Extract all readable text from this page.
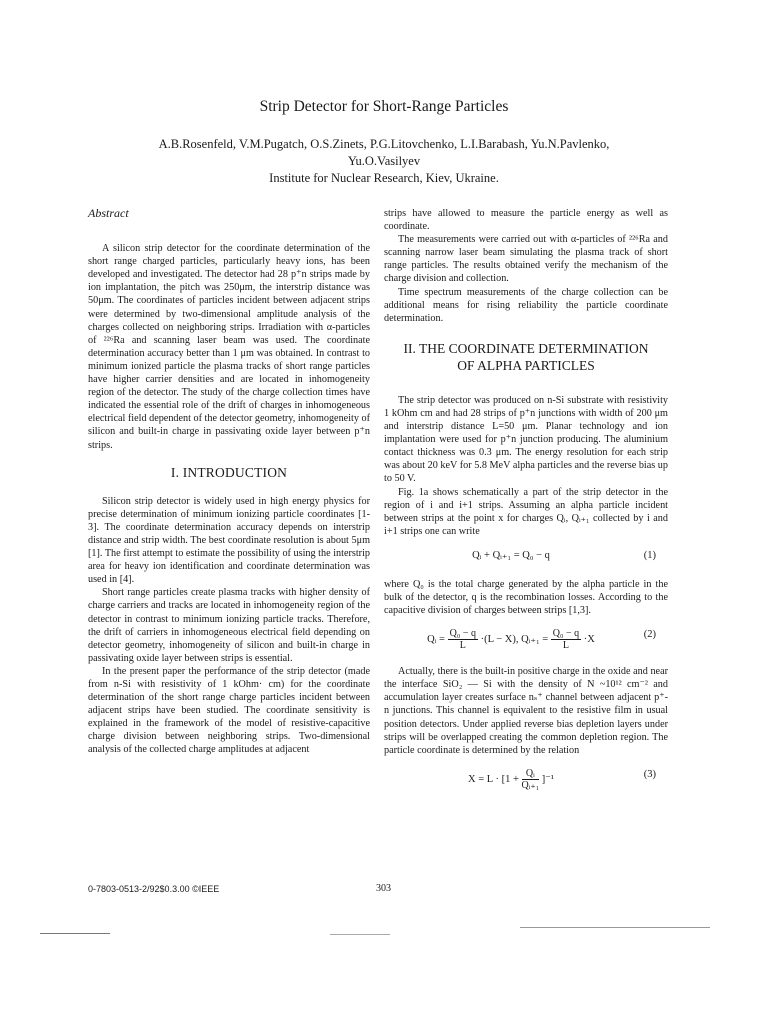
Strip Detector for Short-Range Particles
A.B.Rosenfeld, V.M.Pugatch, O.S.Zinets, P.G.Litovchenko, L.I.Barabash, Yu.N.Pavlenko,
Yu.O.Vasilyev
Institute for Nuclear Research, Kiev, Ukraine.

Abstract

A silicon strip detector for the coordinate determination of the short range charged particles, particularly heavy ions, has been developed and investigated. The detector had 28 p⁺n strips made by ion implantation, the pitch was 250μm, the interstrip distance was 50μm. The coordinates of particles incident between adjacent strips were determined by two-dimensional amplitude analysis of the charges collected on neighboring strips. Irradiation with α-particles of ²²⁶Ra and scanning laser beam was used. The coordinate determination accuracy better than 1 μm was obtained. In contrast to minimum ionized particle the plasma tracks of short range particles have higher carrier densities and are located in inhomogeneity region of the detector. The study of the charge collection times have indicated the essential role of the drift of charges in inhomogeneous electrical field dependent of the detector geometry, inhomogeneity of silicon and built-in charge in passivating oxide layer between p⁺n strips.

I. INTRODUCTION

Silicon strip detector is widely used in high energy physics for precise determination of minimum ionizing particle coordinates [1-3]. The coordinate determination accuracy depends on interstrip distance and strip width. The best coordinate resolution is about 5μm [1]. The first attempt to estimate the possibility of using the interstrip area for heavy ion identification and coordinate determination was used in [4].

Short range particles create plasma tracks with higher density of charge carriers and tracks are located in inhomogeneity region of the detector in contrast to minimum ionizing particle tracks. Therefore, the drift of carriers in inhomogeneous electrical field depending on detector geometry, inhomogeneity of silicon and built-in charge in passivating oxide layer between strips is essential.

In the present paper the performance of the strip detector (made from n-Si with resistivity of 1 kOhm· cm) for the coordinate determination of the short range charge particles incident between adjacent strips have been studied. The coordinate sensitivity is explained in the framework of the model of resistive-capacitive charge division between neighboring strips. Two-dimensional analysis of the collected charge amplitudes at adjacent

strips have allowed to measure the particle energy as well as coordinate.

The measurements were carried out with α-particles of ²²⁶Ra and scanning narrow laser beam simulating the plasma track of short range particles. The results obtained verify the mechanism of the charge division and collection.

Time spectrum measurements of the charge collection can be additional means for rising reliability the particle coordinate determination.

II. THE COORDINATE DETERMINATION
OF ALPHA PARTICLES

The strip detector was produced on n-Si substrate with resistivity 1 kOhm cm and had 28 strips of p⁺n junctions with width of 200 μm and interstrip distance L=50 μm. Planar technology and ion implantation were used for p⁺n junction producing. The aluminium contact thickness was 0.3 μm. The energy resolution for each strip was about 20 keV for 5.8 MeV alpha particles and the reverse bias up to 50 V.

Fig. 1a shows schematically a part of the strip detector in the region of i and i+1 strips. Assuming an alpha particle incident between strips at the point x for charges Qᵢ, Qᵢ₊₁ collected by i and i+1 strips one can write

Qᵢ + Qᵢ₊₁ = Q₀ − q	(1)

where Q₀ is the total charge generated by the alpha particle in the bulk of the detector, q is the recombination losses. According to the capacitive division of charges between strips [1,3].

Qᵢ = $\frac{\text{Q₀ − q}}{L} \cdot(L - X)$, Qᵢ₊₁ = $\frac{\text{Q₀ − q}}{L} \cdot X$	(2)

Actually, there is the built-in positive charge in the oxide and near the interface SiO₂ — Si with the density of N ~10¹² cm⁻² and accumulation layer creates surface nₛ⁺ channel between adjacent p⁺-n junctions. This channel is equivalent to the resistive film in usual position detectors. Under applied reverse bias depletion layers under strips will be overlapped creating the common depletion region. The particle coordinate is determined by the relation

$X = L \cdot [1 + \frac{\text{Qᵢ}}{\text{Qᵢ₊₁}} ]^{-1}$	(3)
0-7803-0513-2/92$0.3.00 ©IEEE	303
